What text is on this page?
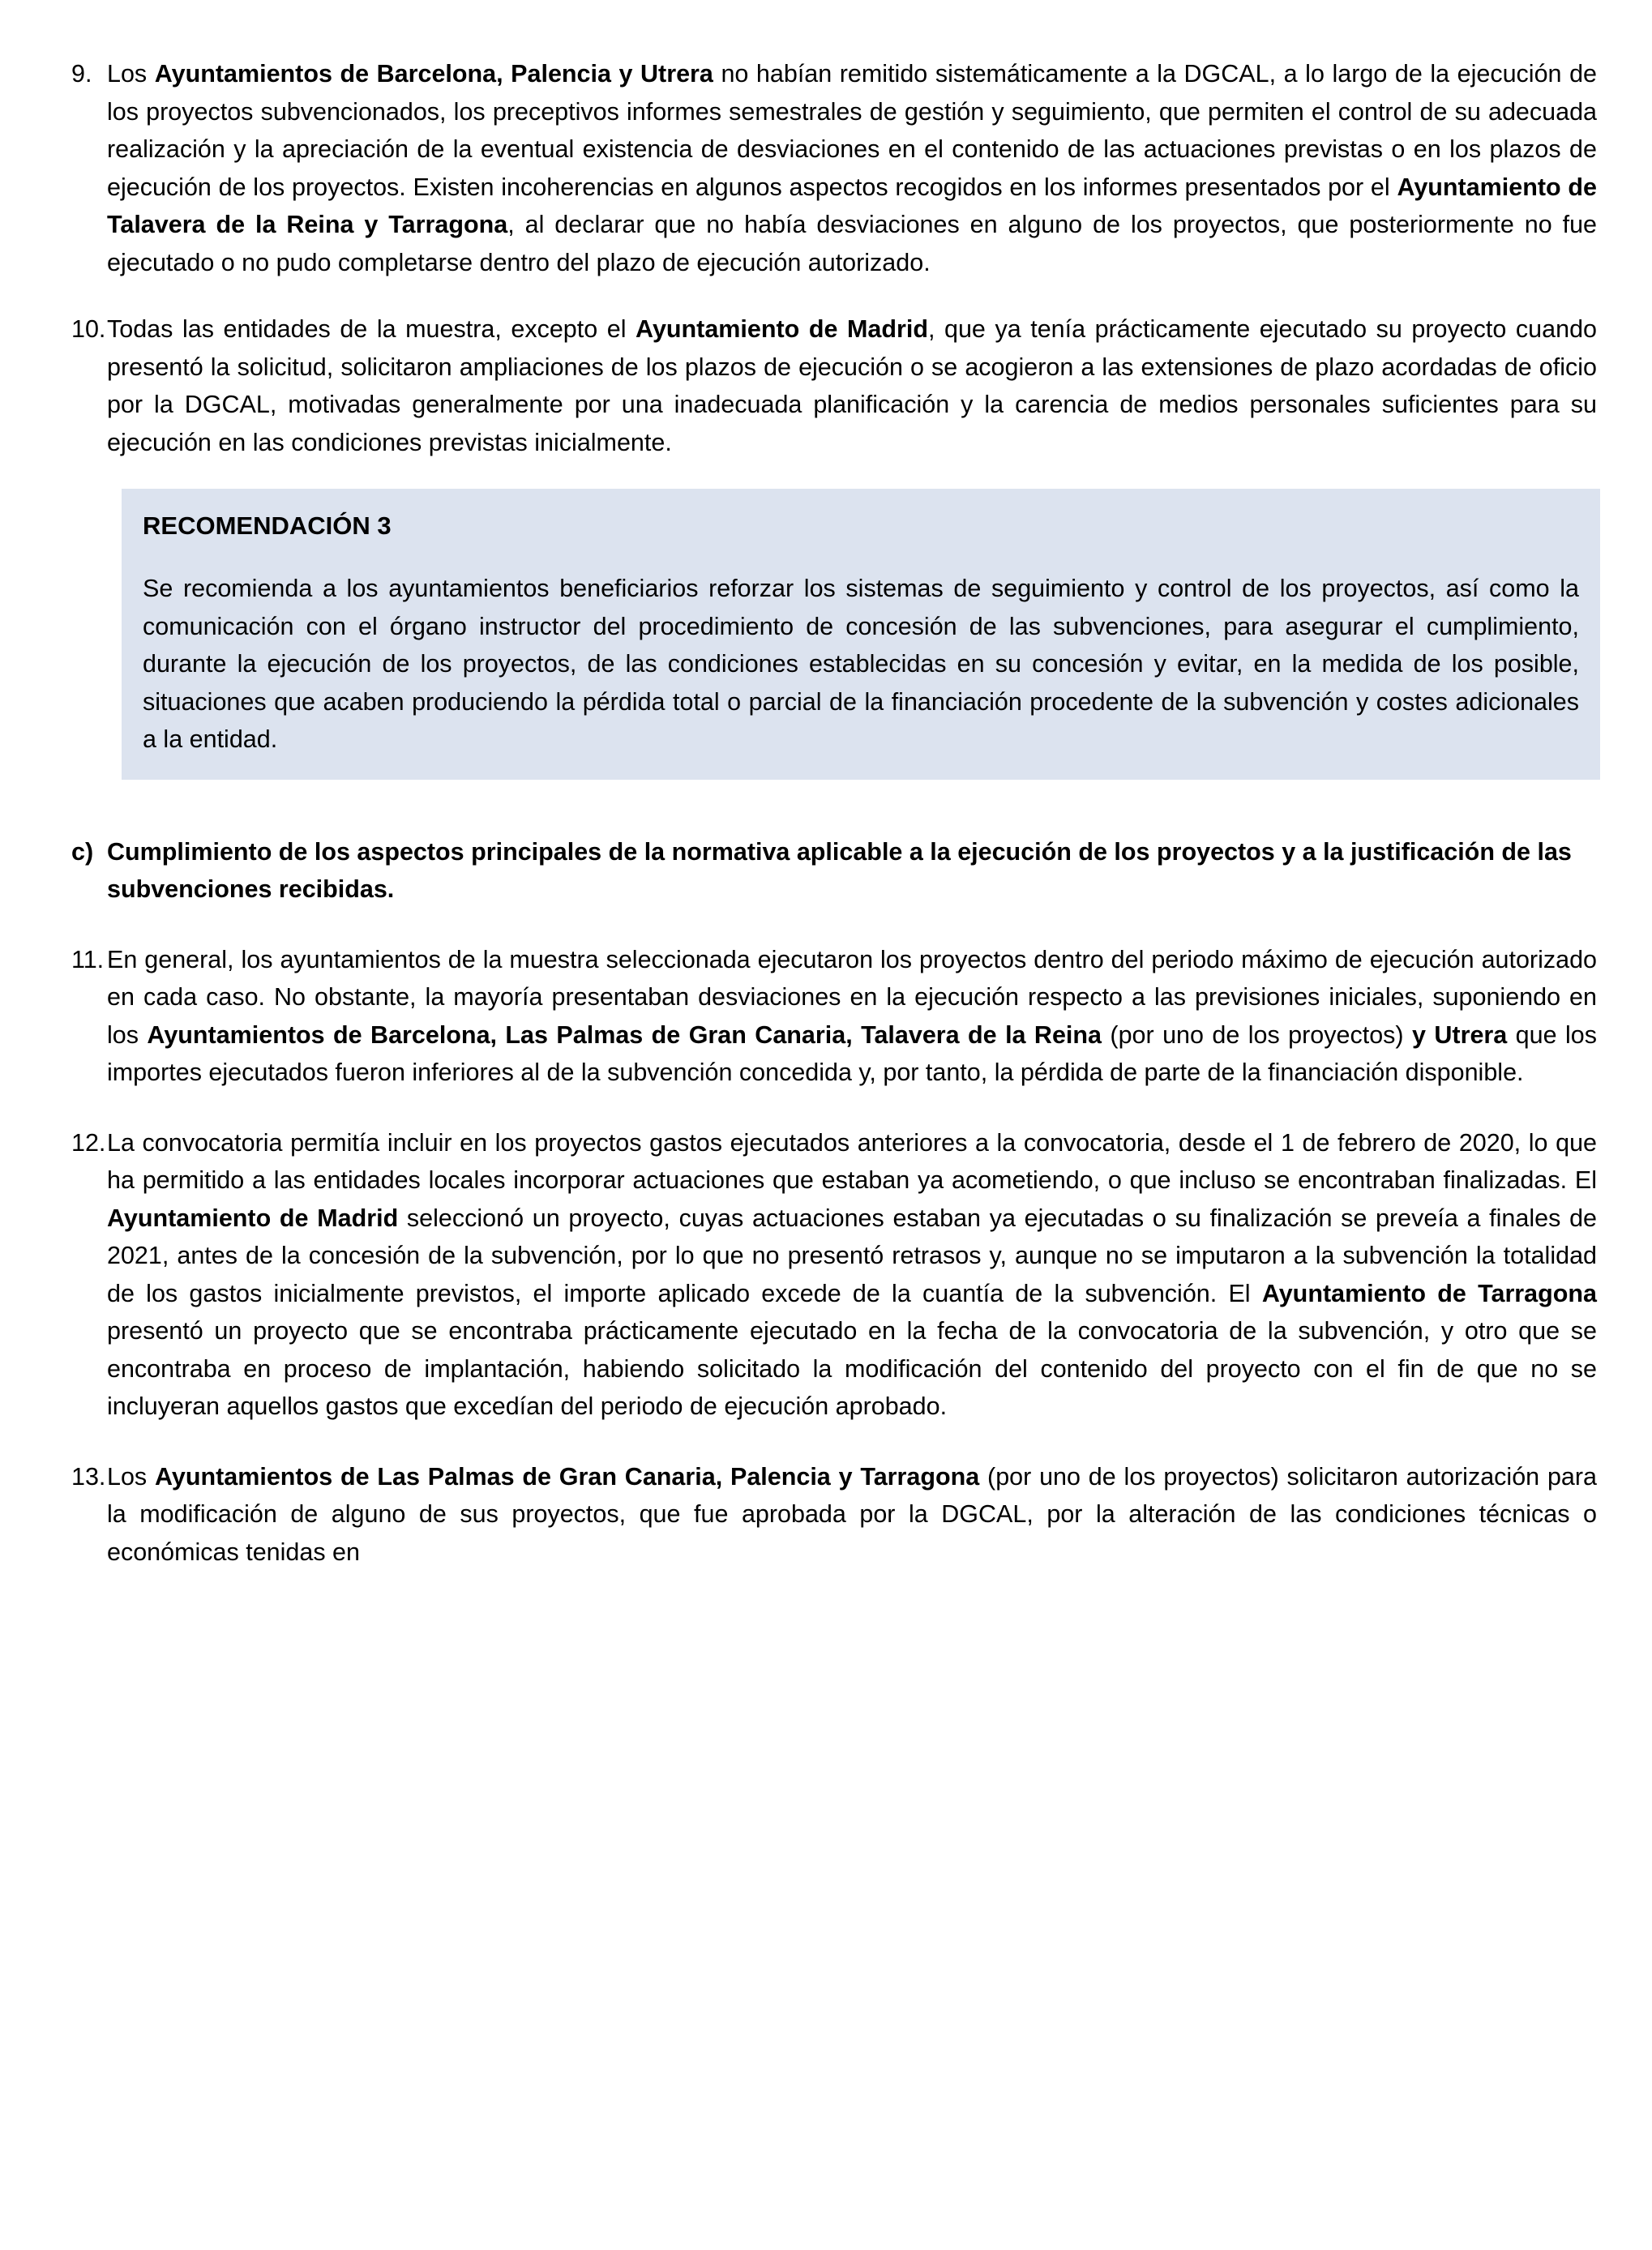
9. Los Ayuntamientos de Barcelona, Palencia y Utrera no habían remitido sistemáticamente a la DGCAL, a lo largo de la ejecución de los proyectos subvencionados, los preceptivos informes semestrales de gestión y seguimiento, que permiten el control de su adecuada realización y la apreciación de la eventual existencia de desviaciones en el contenido de las actuaciones previstas o en los plazos de ejecución de los proyectos. Existen incoherencias en algunos aspectos recogidos en los informes presentados por el Ayuntamiento de Talavera de la Reina y Tarragona, al declarar que no había desviaciones en alguno de los proyectos, que posteriormente no fue ejecutado o no pudo completarse dentro del plazo de ejecución autorizado.
10. Todas las entidades de la muestra, excepto el Ayuntamiento de Madrid, que ya tenía prácticamente ejecutado su proyecto cuando presentó la solicitud, solicitaron ampliaciones de los plazos de ejecución o se acogieron a las extensiones de plazo acordadas de oficio por la DGCAL, motivadas generalmente por una inadecuada planificación y la carencia de medios personales suficientes para su ejecución en las condiciones previstas inicialmente.
RECOMENDACIÓN 3
Se recomienda a los ayuntamientos beneficiarios reforzar los sistemas de seguimiento y control de los proyectos, así como la comunicación con el órgano instructor del procedimiento de concesión de las subvenciones, para asegurar el cumplimiento, durante la ejecución de los proyectos, de las condiciones establecidas en su concesión y evitar, en la medida de los posible, situaciones que acaben produciendo la pérdida total o parcial de la financiación procedente de la subvención y costes adicionales a la entidad.
c) Cumplimiento de los aspectos principales de la normativa aplicable a la ejecución de los proyectos y a la justificación de las subvenciones recibidas.
11. En general, los ayuntamientos de la muestra seleccionada ejecutaron los proyectos dentro del periodo máximo de ejecución autorizado en cada caso. No obstante, la mayoría presentaban desviaciones en la ejecución respecto a las previsiones iniciales, suponiendo en los Ayuntamientos de Barcelona, Las Palmas de Gran Canaria, Talavera de la Reina (por uno de los proyectos) y Utrera que los importes ejecutados fueron inferiores al de la subvención concedida y, por tanto, la pérdida de parte de la financiación disponible.
12. La convocatoria permitía incluir en los proyectos gastos ejecutados anteriores a la convocatoria, desde el 1 de febrero de 2020, lo que ha permitido a las entidades locales incorporar actuaciones que estaban ya acometiendo, o que incluso se encontraban finalizadas. El Ayuntamiento de Madrid seleccionó un proyecto, cuyas actuaciones estaban ya ejecutadas o su finalización se preveía a finales de 2021, antes de la concesión de la subvención, por lo que no presentó retrasos y, aunque no se imputaron a la subvención la totalidad de los gastos inicialmente previstos, el importe aplicado excede de la cuantía de la subvención. El Ayuntamiento de Tarragona presentó un proyecto que se encontraba prácticamente ejecutado en la fecha de la convocatoria de la subvención, y otro que se encontraba en proceso de implantación, habiendo solicitado la modificación del contenido del proyecto con el fin de que no se incluyeran aquellos gastos que excedían del periodo de ejecución aprobado.
13. Los Ayuntamientos de Las Palmas de Gran Canaria, Palencia y Tarragona (por uno de los proyectos) solicitaron autorización para la modificación de alguno de sus proyectos, que fue aprobada por la DGCAL, por la alteración de las condiciones técnicas o económicas tenidas en
